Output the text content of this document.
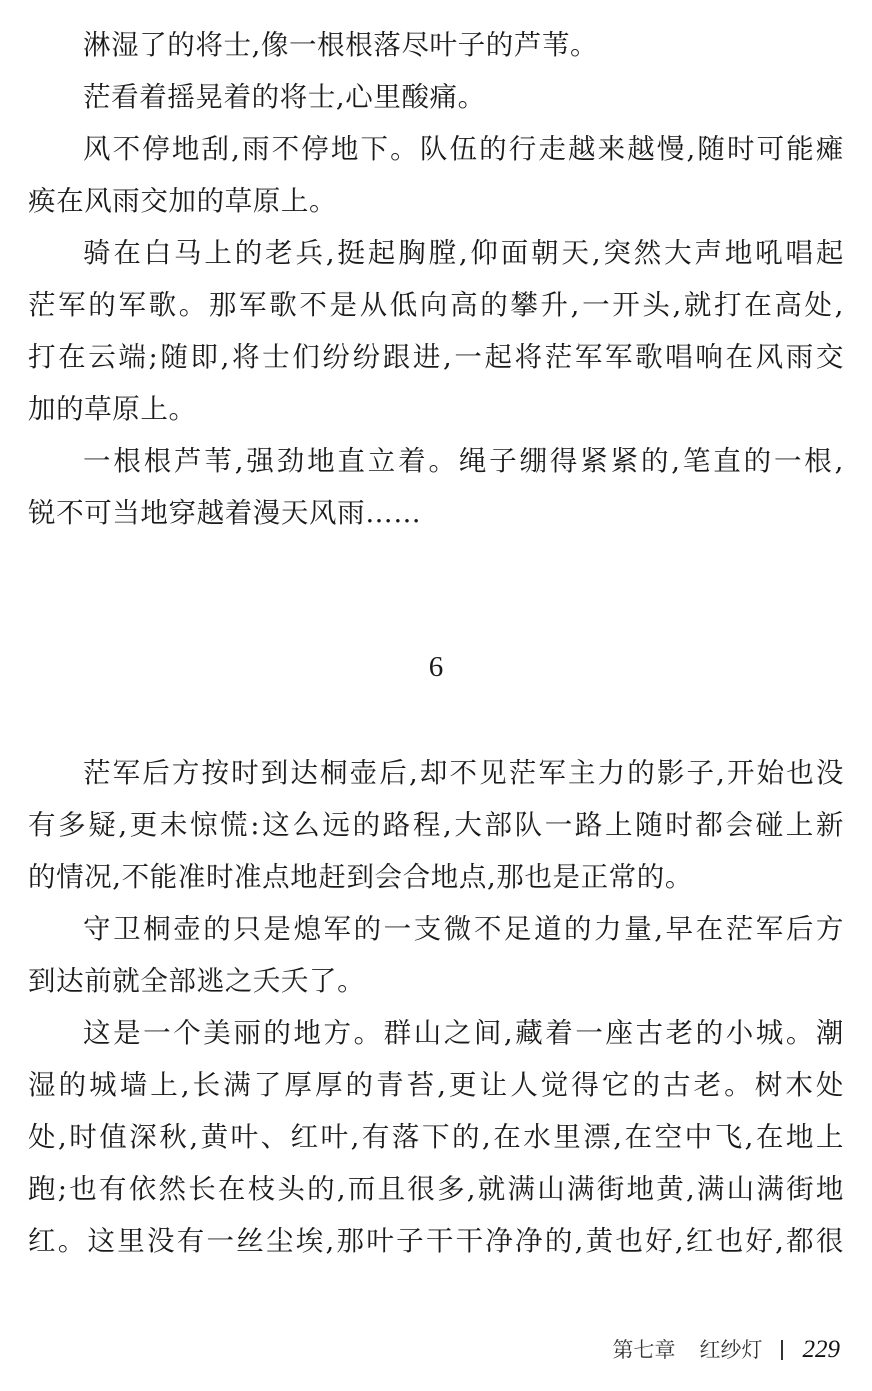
淋湿了的将士,像一根根落尽叶子的芦苇。
茫看着摇晃着的将士,心里酸痛。
风不停地刮,雨不停地下。队伍的行走越来越慢,随时可能瘫
痪在风雨交加的草原上。
骑在白马上的老兵,挺起胸膛,仰面朝天,突然大声地吼唱起
茫军的军歌。那军歌不是从低向高的攀升,一开头,就打在高处,
打在云端;随即,将士们纷纷跟进,一起将茫军军歌唱响在风雨交
加的草原上。
一根根芦苇,强劲地直立着。绳子绷得紧紧的,笔直的一根,
锐不可当地穿越着漫天风雨……
6
茫军后方按时到达桐壶后,却不见茫军主力的影子,开始也没
有多疑,更未惊慌:这么远的路程,大部队一路上随时都会碰上新
的情况,不能准时准点地赶到会合地点,那也是正常的。
守卫桐壶的只是熄军的一支微不足道的力量,早在茫军后方
到达前就全部逃之夭夭了。
这是一个美丽的地方。群山之间,藏着一座古老的小城。潮
湿的城墙上,长满了厚厚的青苔,更让人觉得它的古老。树木处
处,时值深秋,黄叶、红叶,有落下的,在水里漂,在空中飞,在地上
跑;也有依然长在枝头的,而且很多,就满山满街地黄,满山满街地
红。这里没有一丝尘埃,那叶子干干净净的,黄也好,红也好,都很
第七章 红纱灯 229
